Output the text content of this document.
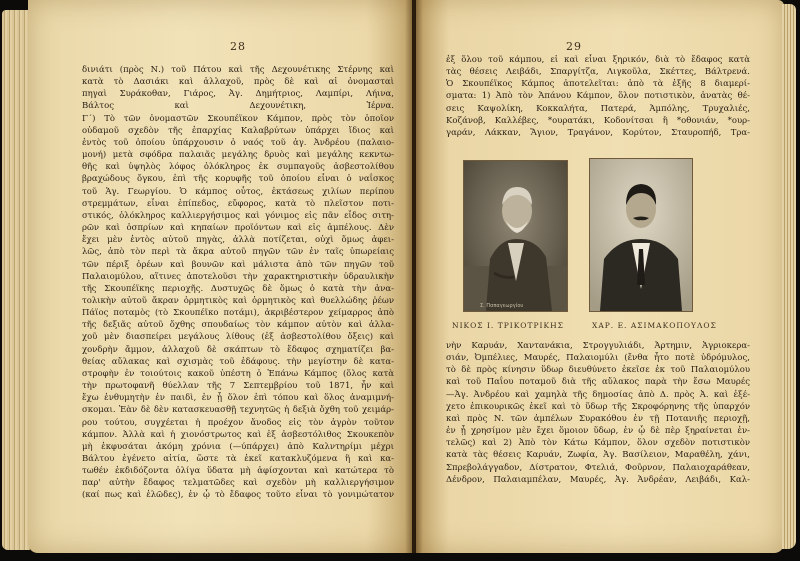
28
δινιάτι (πρὸς Ν.) τοῦ Πάτου καὶ τῆς Δεχουνέτικης Στέρνης καὶ
κατὰ τὸ Δασιάκι καὶ ἀλλαχοῦ, πρὸς δὲ καὶ αἱ ὀνομασταὶ
πηγαὶ Συράκοθαν, Γιάρος, Ἀγ. Δημήτριος, Λαμπίρι, Λήινα,
Βάλτος καὶ Δεχουνέτικη, Ἱέρνα.
Γ΄) Τὸ τῶν ὀνομαστῶν Σκουπέϊκον Κάμπον, πρὸς τὸν ὁποῖον
οὐδαμοῦ σχεδὸν τῆς ἐπαρχίας Καλαβρύτων ὑπάρχει ἴδιος καὶ
ἐντὸς τοῦ ὁποίου ὑπάρχουσιν ὁ ναός τοῦ ἁγ. Ἀνδρέου (παλαιο-
μονή) μετὰ σφόδρα παλαιᾶς μεγάλης δρυὸς καὶ μεγάλης κεκντω-
θῆς καὶ ὑψηλὸς λόφος ὁλόκληρος ἐκ συμπαγοῦς ἀσβεστολίθου
βραχώδους ὄγκου, ἐπὶ τῆς κορυφῆς τοῦ ὁποίου εἶναι ὁ ναΐσκος
τοῦ Ἁγ. Γεωργίου. Ὁ κάμπος οὗτος, ἐκτάσεως χιλίων περίπου
στρεμμάτων, εἶναι ἐπίπεδος, εὔφορος, κατὰ τὸ πλεῖστον ποτι-
στικός, ὁλόκληρος καλλιεργήσιμος καὶ γόνιμος εἰς πᾶν εἶδος σιτη-
ρῶν καὶ ὀσπρίων καὶ κηπαίων προϊόντων καὶ εἰς ἀμπέλους. Δὲν
ἔχει μὲν ἐντὸς αὐτοῦ πηγὰς, ἀλλὰ ποτίζεται, οὐχὶ ὅμως ἀφει-
λῶς, ἀπὸ τὸν περὶ τὰ ἄκρα αὐτοῦ πηγῶν τῶν ἐν ταῖς ὑπωρείαις
τῶν πέριξ ὀρέων καὶ βουνῶν καὶ μάλιστα ἀπὸ τῶν πηγῶν τοῦ
Παλαιομύλου, αἵτινες ἀποτελοῦσι τὴν χαρακτηριστικὴν ὑδραυλικὴν
τῆς Σκουπέϊκης περιοχῆς. Δυστυχῶς δὲ ὅμως ὁ κατὰ τὴν ἀνα-
τολικὴν αὐτοῦ ἄκραν ὁρμητικὸς καὶ ὁρμητικὸς καὶ θυελλώδης ῥέων
Πάϊος ποταμὸς (τὸ Σκουπέϊκο ποτάμι), ἀκριβέστερον χείμαρρος ἀπὸ
τῆς δεξιᾶς αὐτοῦ ὄχθης σπουδαίως τὸν κάμπον αὐτὸν καὶ ἀλλα-
χοῦ μὲν διασπείρει μεγάλους λίθους (ἐξ ἀσβεστολίθου ὄξεις) καὶ
χονδρὴν ἄμμον, ἀλλαχοῦ δὲ σκάπτων τὸ ἔδαφος σχηματίζει βα-
θείας αὔλακας καὶ σχισμὰς τοῦ ἐδάφους. τὴν μεγίστην δὲ κατα-
στροφὴν ἐν τοιούτοις κακοῦ ὑπέστη ὁ Ἐπάνω Κάμπος (ὅλος κατὰ
τὴν πρωτοφανῆ θύελλαν τῆς 7 Σεπτεμβρίου τοῦ 1871, ἦν καὶ
ἔχω ἐνθυμητὴν ἐν παιδὶ, ἐν ᾗ ὅλον ἐπὶ τόπου καὶ ὅλος ἀναμιμνή-
σκομαι. Ἐὰν δὲ δὲν κατασκευασθῇ τεχνητῶς ἡ δεξιὰ ὄχθη τοῦ χειμάρ-
ρου τούτου, συγχέεται ἡ προέχον ἄνοδος εἰς τὸν ἀγρὸν τοῦτον
κάμπον. Ἀλλὰ καὶ ἡ χιονόστρωτος καὶ ἐξ ἀσβεστόλιθος Σκουκεπὸν
μὴ ἐκφυσάται ἀκόμη χρόνια (—ύπάρχει) ἀπὸ Καλντηρίμι μέχρι
Βάλτου ἐγένετο αἰτία, ὥστε τὰ ἐκεῖ κατακλυζόμενα ἢ καὶ κα-
τωθέν ἐκδιδόζοντα ὀλίγα ὕδατα μὴ ἀφίσχονται καὶ κατώτερα τὸ
παρ' αὐτὴν ἔδαφος τελματῶδες καὶ σχεδὸν μὴ καλλιεργήσιμον
(καί πως καὶ ἐλῶδες), ἐν ᾧ τὸ ἔδαφος τοῦτο εἶναι τὸ γονιμώτατον
29
ἐξ ὅλου τοῦ κάμπου, εἰ καὶ εἶναι ξηρικόν, διὰ τὸ ἔδαφος κατὰ
τὰς θέσεις Λειβάδι, Σπαργίτζα, Λιγκοῦλα, Σκέττες, Βάλτρενά.
Ὁ Σκουπέϊκος Κάμπος ἀποτελεῖται: ἀπὸ τὰ ἑξῆς 8 διαμερί-
σματα: 1) Ἀπὸ τὸν Ἀπάνου Κάμπον, ὅλον ποτιστικὸν, ἀνατὰς θέ-
σεις Καψολίκη, Κοκκαλήτα, Πατερά, Ἀμπόλης, Τρυχαλιές,
Κοζάνοβ, Καλλέβες, *ουρατάκι, Κοδονίτσαι ἢ *οθονιάν, *ουρ-
γαράν, Λάκκαν, Ἅγιον, Τραγάνον, Κορύτον, Σταυροπήδ, Τρα-
Σ. Παπαγεωργίου
ΝΙΚΟΣ Ι. ΤΡΙΚΟΤΡΙΚΗΣ	ΧΑΡ. Ε. ΑΣΙΜΑΚΟΠΟΥΛΟΣ
νὴν Καρυάν, Χαντανάκια, Στρογγυλιάδι, Ἀρτημιν, Ἀγριοκερα-
σιάν, Ὀμπέλιες, Μαυρές, Παλαιομύλι (ἔνθα ἦτο ποτὲ ὑδρόμυλος,
τὸ δὲ πρὸς κίνησιν ὕδωρ διευθύνετο ἐκεῖσε ἐκ τοῦ Παλαιομύλου
καὶ τοῦ Παΐου ποταμοῦ διὰ τῆς αὔλακος παρὰ τὴν ἔσω Μαυρές
—Ἀγ. Ἀνδρέου καὶ χαμηλὰ τῆς δημοσίας ἀπὸ Δ. πρὸς Ἀ. καὶ ἐξέ-
χετο ἐπικουρικῶς ἐκεῖ καὶ τὸ ὕδωρ τῆς Σκροφόρηνης τῆς ὑπαρχόν
καὶ πρὸς Ν. τῶν ἀμπέλων Συρακόθου ἐν τῇ Ποτανιῆς περιοχῇ,
ἐν ᾗ χρησίμον μὲν ἔχει ὅμοιον ὕδωρ, ἐν ᾧ δὲ πὲρ ξηραίνεται ἐν-
τελῶς) καὶ 2) Ἀπὸ τὸν Κάτω Κάμπον, ὅλον σχεδὸν ποτιστικὸν
κατὰ τὰς θέσεις Καρυάν, Ζωφία, Ἀγ. Βασίλειον, Μαραθέλη, χάνι,
Σπρεβολάγγαδον, Δίστρατον, Φτελιά, Φοῦρνον, Παλαιοχαράθεαν,
Δένδρον, Παλαιαμπέλαν, Μαυρές, Ἀγ. Ἀνδρέαν, Λειβάδι, Καλ-
